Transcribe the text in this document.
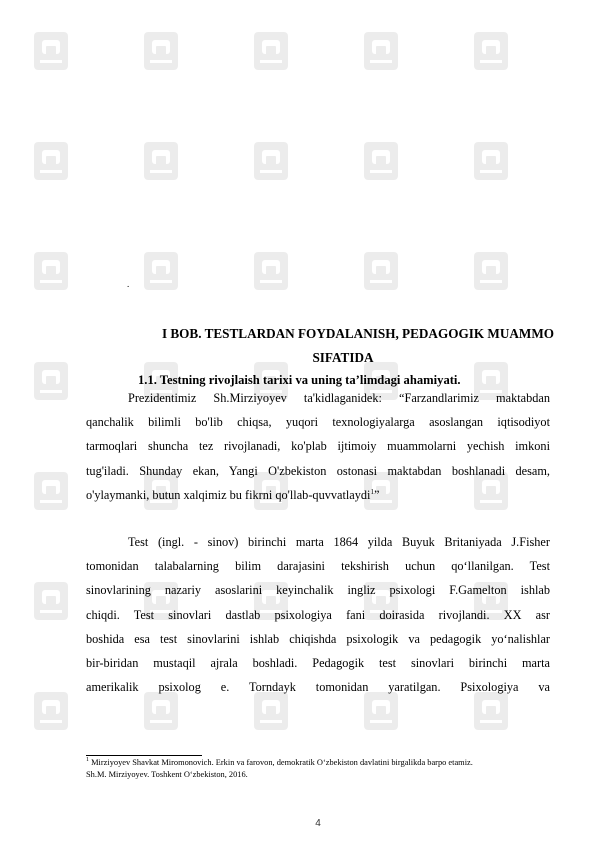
.
I BOB. TESTLARDAN FOYDALANISH, PEDAGOGIK MUAMMO
SIFATIDA
1.1. Testning rivojlaish tarixi va uning ta’limdagi ahamiyati.
Prezidentimiz Sh.Mirziyoyev ta'kidlaganidek: “Farzandlarimiz maktabdan
qanchalik bilimli bo'lib chiqsa, yuqori texnologiyalarga asoslangan iqtisodiyot
tarmoqlari shuncha tez rivojlanadi, ko'plab ijtimoiy muammolarni yechish imkoni
tug'iladi. Shunday ekan, Yangi O'zbekiston ostonasi maktabdan boshlanadi desam,
o'ylaymanki, butun xalqimiz bu fikrni qo'llab-quvvatlaydi$^1$”
Test (ingl. - sinov) birinchi marta 1864 yilda Buyuk Britaniyada J.Fisher
tomonidan talabalarning bilim darajasini tekshirish uchun qo‘llanilgan. Test
sinovlarining nazariy asoslarini keyinchalik ingliz psixologi F.Gamelton ishlab
chiqdi. Test sinovlari dastlab psixologiya fani doirasida rivojlandi. XX asr
boshida esa test sinovlarini ishlab chiqishda psixologik va pedagogik yo‘nalishlar
bir-biridan mustaqil ajrala boshladi. Pedagogik test sinovlari birinchi marta
amerikalik psixolog e. Torndayk tomonidan yaratilgan. Psixologiya va
$^1$ Mirziyoyev Shavkat Miromonovich. Erkin va farovon, demokratik O‘zbekiston davlatini birgalikda barpo etamiz.
Sh.M. Mirziyoyev. Toshkent O‘zbekiston, 2016.
4
